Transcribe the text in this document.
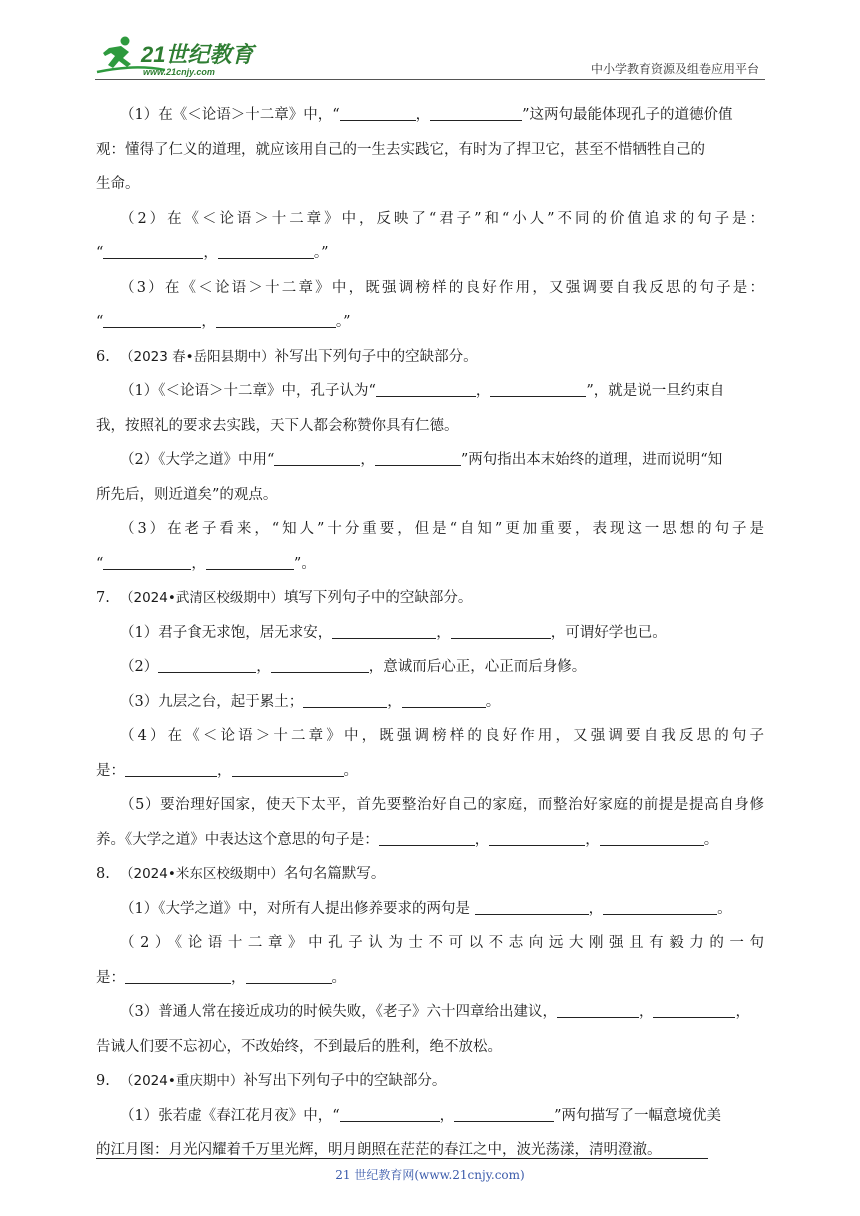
21世纪教育
www.21cnjy.com	中小学教育资源及组卷应用平台
（1）在《＜论语＞十二章》中，“	，	”这两句最能体现孔子的道德价值
观：懂得了仁义的道理，就应该用自己的一生去实践它，有时为了捍卫它，甚至不惜牺牲自己的
生命。
（2）在《＜论语＞十二章》中，反映了“君子”和“小人”不同的价值追求的句子是：
“	，	。”
（3）在《＜论语＞十二章》中，既强调榜样的良好作用，又强调要自我反思的句子是：
“	，	。”
6. （2023 春•岳阳县期中）补写出下列句子中的空缺部分。
（1）《＜论语＞十二章》中，孔子认为“	，	”，就是说一旦约束自
我，按照礼的要求去实践，天下人都会称赞你具有仁德。
（2）《大学之道》中用“	，	”两句指出本末始终的道理，进而说明“知
所先后，则近道矣”的观点。
（3）在老子看来，“知人”十分重要，但是“自知”更加重要，表现这一思想的句子是
“	，	”。
7. （2024•武清区校级期中）填写下列句子中的空缺部分。
（1）君子食无求饱，居无求安，	，	，可谓好学也已。
（2）	，	，意诚而后心正，心正而后身修。
（3）九层之台，起于累土；	，	。
（4）在《＜论语＞十二章》中，既强调榜样的良好作用，又强调要自我反思的句子
是：	，	。
（5）要治理好国家，使天下太平，首先要整治好自己的家庭，而整治好家庭的前提是提高自身修
养。《大学之道》中表达这个意思的句子是：	，	，	。
8. （2024•米东区校级期中）名句名篇默写。
（1）《大学之道》中，对所有人提出修养要求的两句是	，	。
（2）《论语十二章》中孔子认为士不可以不志向远大刚强且有毅力的一句
是：	，	。
（3）普通人常在接近成功的时候失败，《老子》六十四章给出建议，	，	，
告诫人们要不忘初心，不改始终，不到最后的胜利，绝不放松。
9. （2024•重庆期中）补写出下列句子中的空缺部分。
（1）张若虚《春江花月夜》中，“	，	”两句描写了一幅意境优美
的江月图：月光闪耀着千万里光辉，明月朗照在茫茫的春江之中，波光荡漾，清明澄澈。
21 世纪教育网(www.21cnjy.com)
